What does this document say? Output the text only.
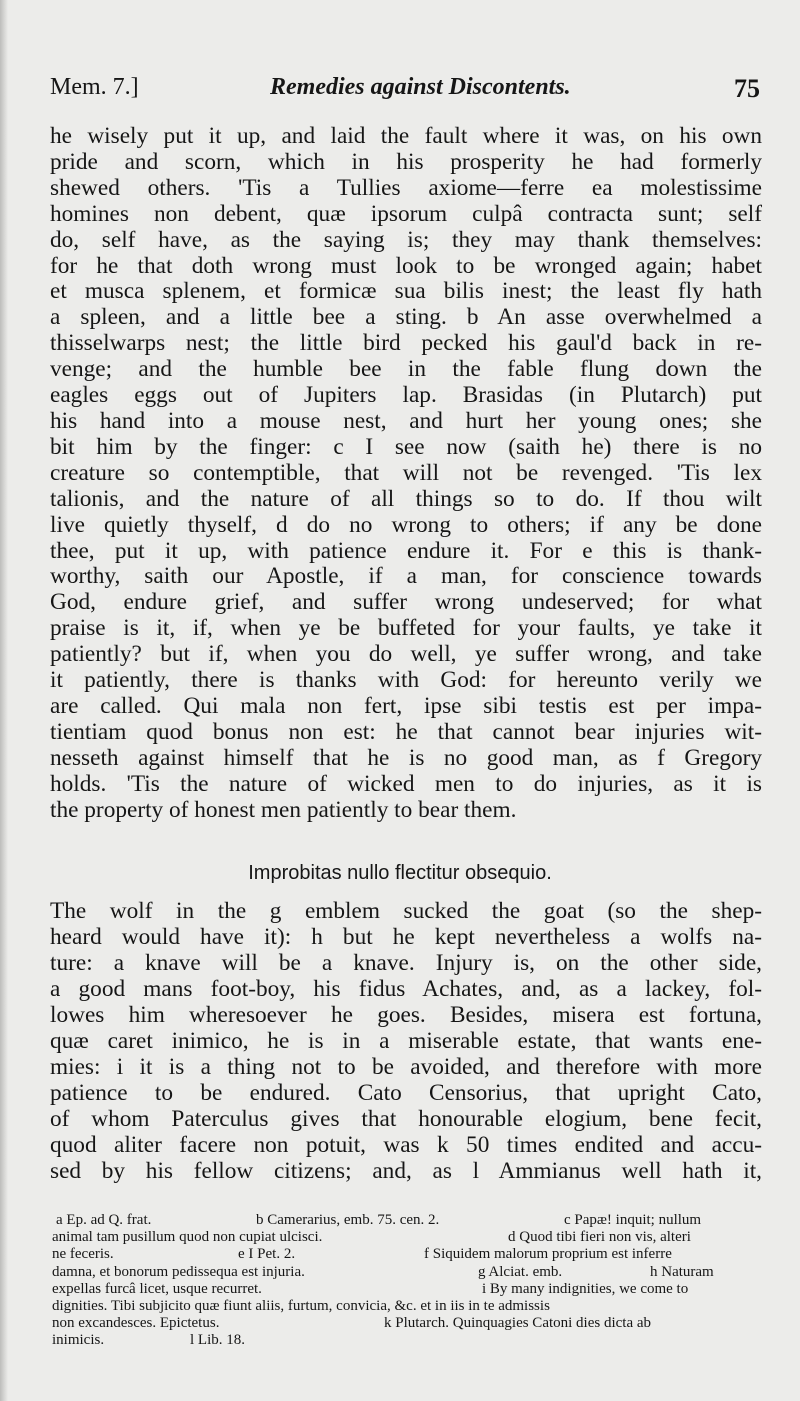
Mem. 7.]	Remedies against Discontents.	75
he wisely put it up, and laid the fault where it was, on his own
pride and scorn, which in his prosperity he had formerly
shewed others. 'Tis a Tullies axiome—ferre ea molestissime
homines non debent, quæ ipsorum culpâ contracta sunt; self
do, self have, as the saying is; they may thank themselves:
for he that doth wrong must look to be wronged again; habet
et musca splenem, et formicæ sua bilis inest; the least fly hath
a spleen, and a little bee a sting. b An asse overwhelmed a
thisselwarps nest; the little bird pecked his gaul'd back in re-
venge; and the humble bee in the fable flung down the
eagles eggs out of Jupiters lap. Brasidas (in Plutarch) put
his hand into a mouse nest, and hurt her young ones; she
bit him by the finger: c I see now (saith he) there is no
creature so contemptible, that will not be revenged. 'Tis lex
talionis, and the nature of all things so to do. If thou wilt
live quietly thyself, d do no wrong to others; if any be done
thee, put it up, with patience endure it. For e this is thank-
worthy, saith our Apostle, if a man, for conscience towards
God, endure grief, and suffer wrong undeserved; for what
praise is it, if, when ye be buffeted for your faults, ye take it
patiently? but if, when you do well, ye suffer wrong, and take
it patiently, there is thanks with God: for hereunto verily we
are called. Qui mala non fert, ipse sibi testis est per impa-
tientiam quod bonus non est: he that cannot bear injuries wit-
nesseth against himself that he is no good man, as f Gregory
holds. 'Tis the nature of wicked men to do injuries, as it is
the property of honest men patiently to bear them.
Improbitas nullo flectitur obsequio.
The wolf in the g emblem sucked the goat (so the shep-
heard would have it): h but he kept nevertheless a wolfs na-
ture: a knave will be a knave. Injury is, on the other side,
a good mans foot-boy, his fidus Achates, and, as a lackey, fol-
lowes him wheresoever he goes. Besides, misera est fortuna,
quæ caret inimico, he is in a miserable estate, that wants ene-
mies: i it is a thing not to be avoided, and therefore with more
patience to be endured. Cato Censorius, that upright Cato,
of whom Paterculus gives that honourable elogium, bene fecit,
quod aliter facere non potuit, was k 50 times endited and accu-
sed by his fellow citizens; and, as l Ammianus well hath it,
a Ep. ad Q. frat.	b Camerarius, emb. 75. cen. 2.	c Papæ! inquit; nullum
animal tam pusillum quod non cupiat ulcisci.	d Quod tibi fieri non vis, alteri
ne feceris.	e I Pet. 2.	f Siquidem malorum proprium est inferre
damna, et bonorum pedissequa est injuria.	g Alciat. emb.	h Naturam
expellas furcâ licet, usque recurret.	i By many indignities, we come to
dignities. Tibi subjicito quæ fiunt aliis, furtum, convicia, &c. et in iis in te admissis
non excandesces. Epictetus.	k Plutarch. Quinquagies Catoni dies dicta ab
inimicis.	l Lib. 18.
